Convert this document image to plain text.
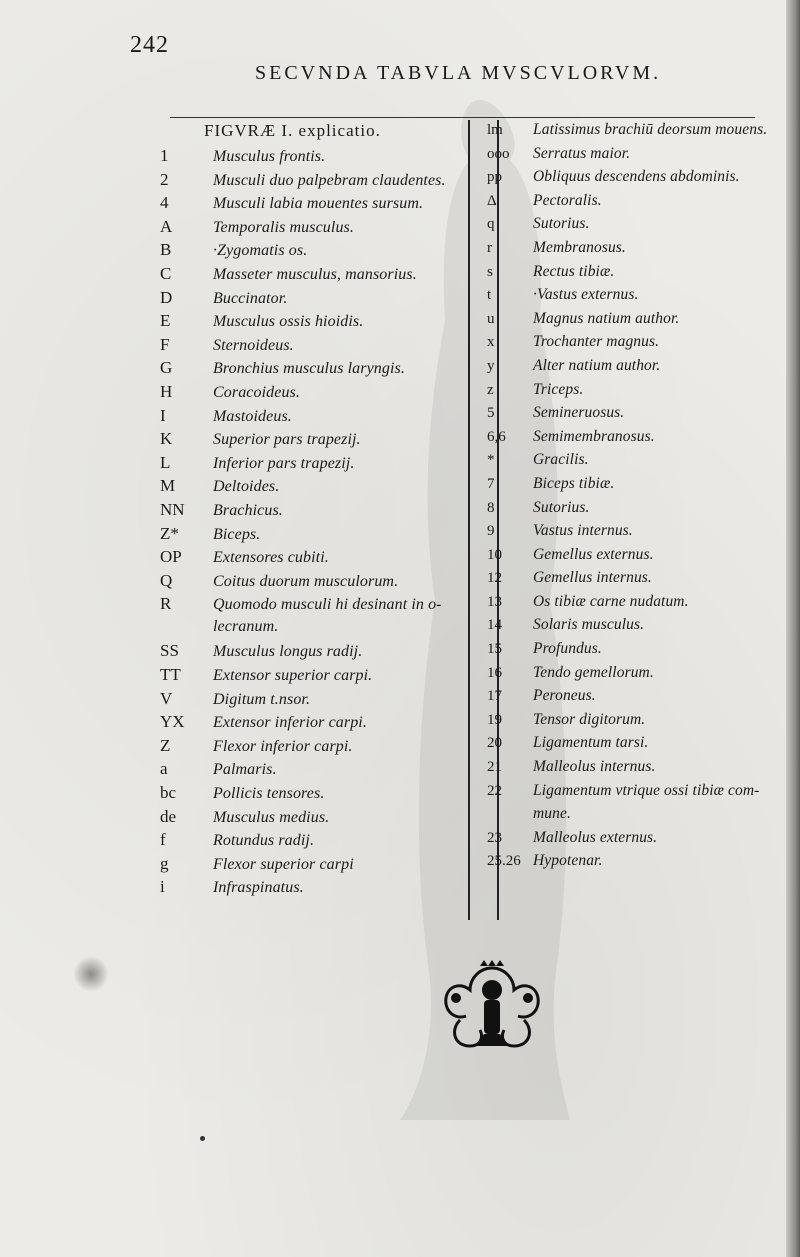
242
SECVNDA TABVLA MVSCVLORVM.
FIGVRÆ I. explicatio.
1	Musculus frontis.
2	Musculi duo palpebram claudentes.
4	Musculi labia mouentes sursum.
A	Temporalis musculus.
B	·Zygomatis os.
C	Masseter musculus, mansorius.
D	Buccinator.
E	Musculus ossis hioidis.
F	Sternoideus.
G	Bronchius musculus laryngis.
H	Coracoideus.
I	Mastoideus.
K	Superior pars trapezij.
L	Inferior pars trapezij.
M	Deltoides.
NN	Brachicus.
Z*	Biceps.
OP	Extensores cubiti.
Q	Coitus duorum musculorum.
R	Quomodo musculi hi desinant in o-
lecranum.
SS	Musculus longus radij.
TT	Extensor superior carpi.
V	Digitum t.nsor.
YX	Extensor inferior carpi.
Z	Flexor inferior carpi.
a	Palmaris.
bc	Pollicis tensores.
de	Musculus medius.
f	Rotundus radij.
g	Flexor superior carpi
i	Infraspinatus.
lm	Latissimus brachiū deorsum mouens.
ooo	Serratus maior.
pp	Obliquus descendens abdominis.
Δ	Pectoralis.
q	Sutorius.
r	Membranosus.
s	Rectus tibiæ.
t	·Vastus externus.
u	Magnus natium author.
x	Trochanter magnus.
y	Alter natium author.
z	Triceps.
5	Semineruosus.
6,6	Semimembranosus.
*	Gracilis.
7	Biceps tibiæ.
8	Sutorius.
9	Vastus internus.
10	Gemellus externus.
12	Gemellus internus.
13	Os tibiæ carne nudatum.
14	Solaris musculus.
15	Profundus.
16	Tendo gemellorum.
17	Peroneus.
19	Tensor digitorum.
20	Ligamentum tarsi.
21	Malleolus internus.
22	Ligamentum vtrique ossi tibiæ com-
mune.
23	Malleolus externus.
25.26 Hypotenar.
